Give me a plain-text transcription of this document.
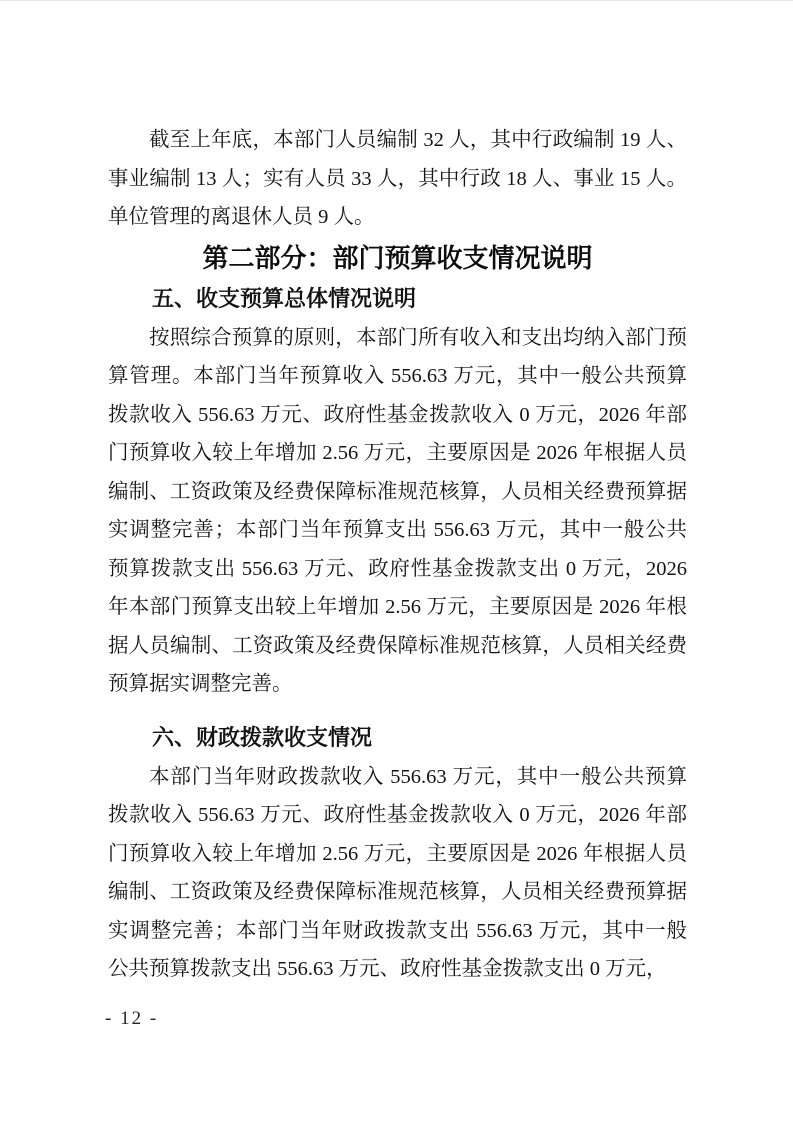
截至上年底，本部门人员编制 32 人，其中行政编制 19 人、
事业编制 13 人；实有人员 33 人，其中行政 18 人、事业 15 人。
单位管理的离退休人员 9 人。
第二部分：部门预算收支情况说明
五、收支预算总体情况说明
按照综合预算的原则，本部门所有收入和支出均纳入部门预
算管理。本部门当年预算收入 556.63 万元，其中一般公共预算
拨款收入 556.63 万元、政府性基金拨款收入 0 万元，2026 年部
门预算收入较上年增加 2.56 万元，主要原因是 2026 年根据人员
编制、工资政策及经费保障标准规范核算，人员相关经费预算据
实调整完善；本部门当年预算支出 556.63 万元，其中一般公共
预算拨款支出 556.63 万元、政府性基金拨款支出 0 万元，2026
年本部门预算支出较上年增加 2.56 万元，主要原因是 2026 年根
据人员编制、工资政策及经费保障标准规范核算，人员相关经费
预算据实调整完善。
六、财政拨款收支情况
本部门当年财政拨款收入 556.63 万元，其中一般公共预算
拨款收入 556.63 万元、政府性基金拨款收入 0 万元，2026 年部
门预算收入较上年增加 2.56 万元，主要原因是 2026 年根据人员
编制、工资政策及经费保障标准规范核算，人员相关经费预算据
实调整完善；本部门当年财政拨款支出 556.63 万元，其中一般
公共预算拨款支出 556.63 万元、政府性基金拨款支出 0 万元，
- 12 -
